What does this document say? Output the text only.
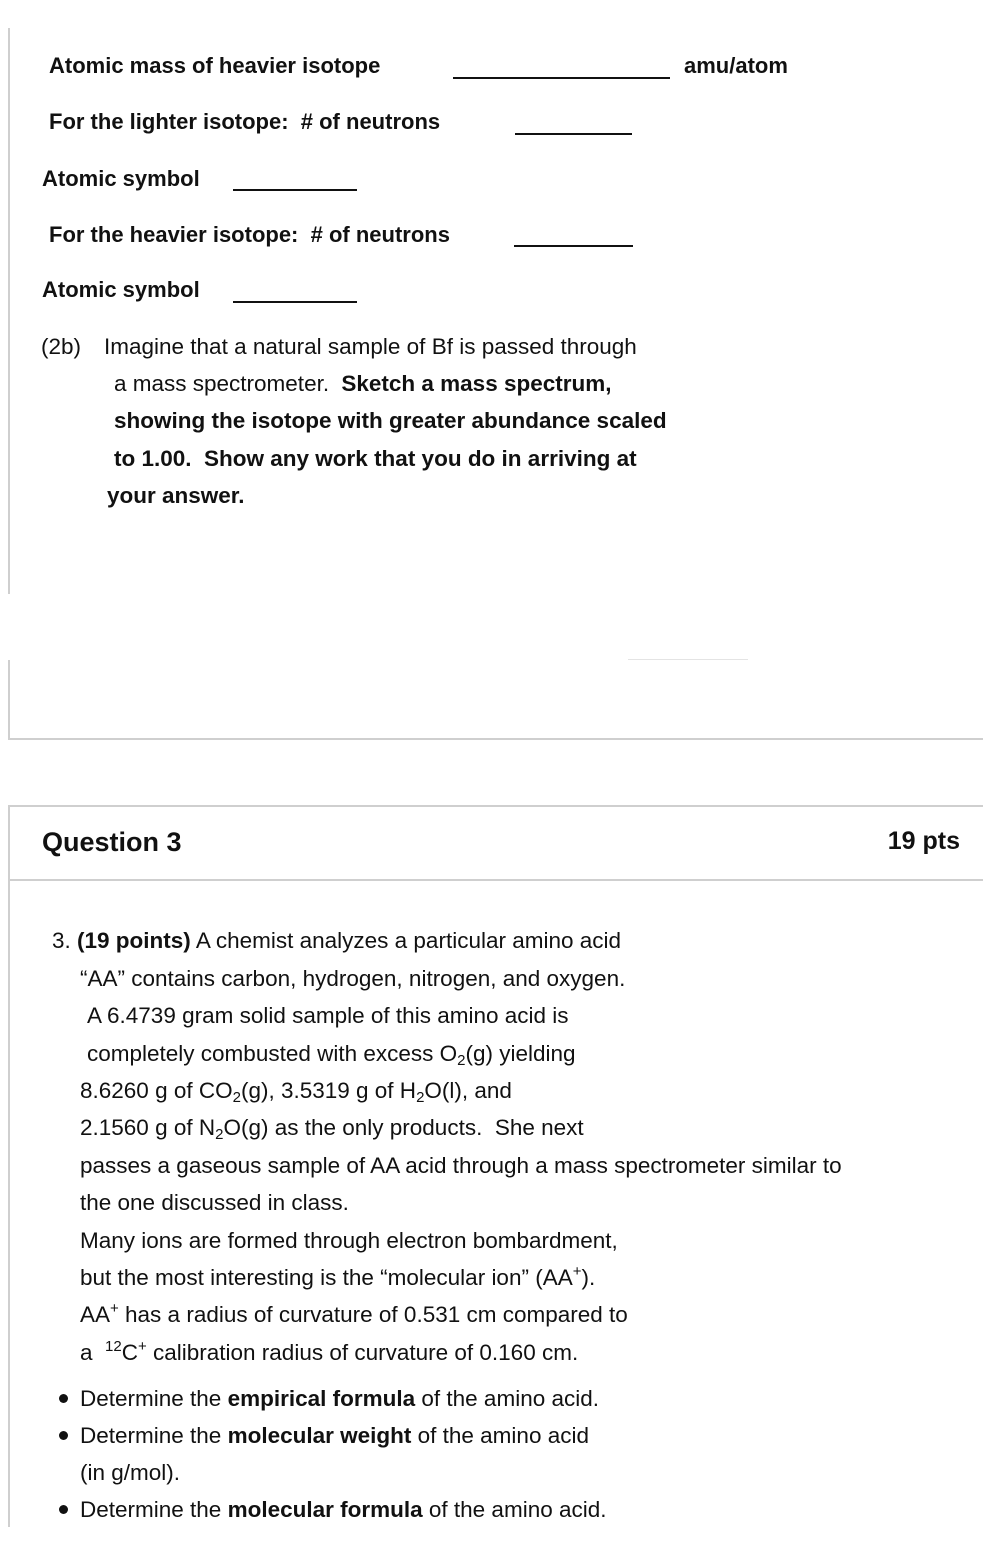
Atomic mass of heavier isotope	amu/atom
For the lighter isotope:  # of neutrons
Atomic symbol
For the heavier isotope:  # of neutrons
Atomic symbol
(2b) Imagine that a natural sample of Bf is passed through
a mass spectrometer. Sketch a mass spectrum,
showing the isotope with greater abundance scaled
to 1.00.  Show any work that you do in arriving at
your answer.
Question 3	19 pts
3. (19 points) A chemist analyzes a particular amino acid
“AA” contains carbon, hydrogen, nitrogen, and oxygen.
A 6.4739 gram solid sample of this amino acid is
completely combusted with excess $O_2(g)$ yielding
8.6260 g of $CO_2(g)$, 3.5319 g of $H_2O(l)$, and
2.1560 g of $N_2O(g)$ as the only products.  She next
passes a gaseous sample of AA acid through a mass spectrometer similar to
the one discussed in class.
Many ions are formed through electron bombardment,
but the most interesting is the “molecular ion” (AA+).
AA+ has a radius of curvature of 0.531 cm compared to
a  $^{12}$C+ calibration radius of curvature of 0.160 cm.
Determine the empirical formula of the amino acid.
Determine the molecular weight of the amino acid
(in g/mol).
Determine the molecular formula of the amino acid.
